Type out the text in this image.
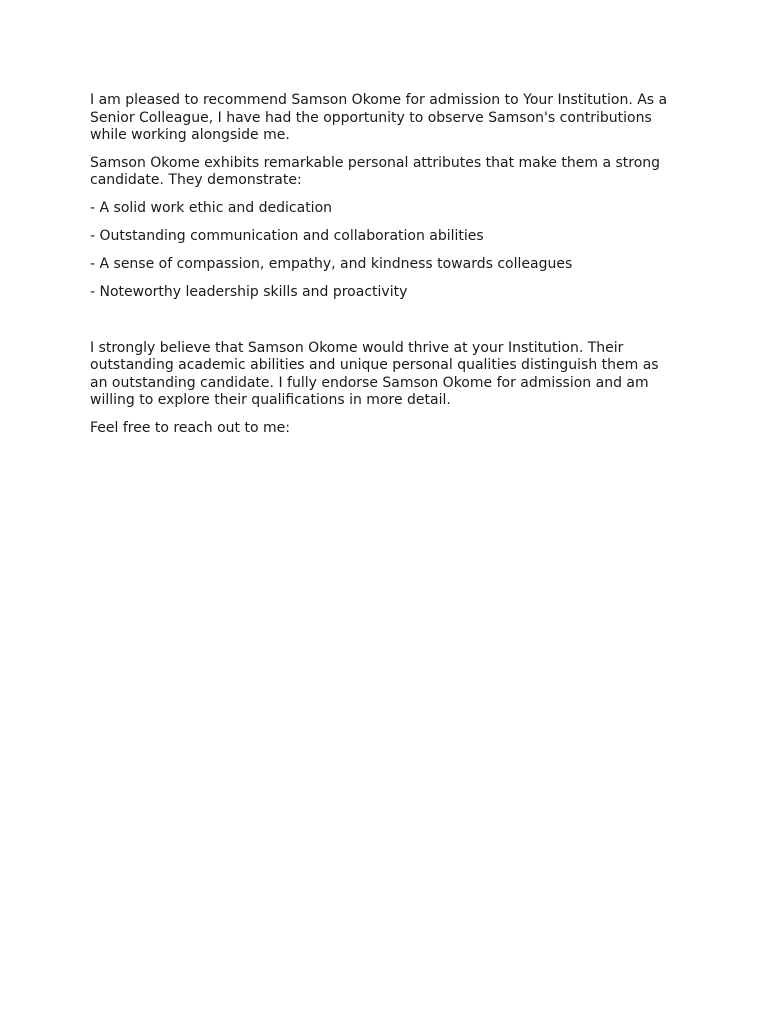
I am pleased to recommend Samson Okome for admission to Your Institution. As a Senior Colleague, I have had the opportunity to observe Samson's contributions while working alongside me.

Samson Okome exhibits remarkable personal attributes that make them a strong candidate. They demonstrate:

- A solid work ethic and dedication

- Outstanding communication and collaboration abilities

- A sense of compassion, empathy, and kindness towards colleagues

- Noteworthy leadership skills and proactivity

I strongly believe that Samson Okome would thrive at your Institution. Their outstanding academic abilities and unique personal qualities distinguish them as an outstanding candidate. I fully endorse Samson Okome for admission and am willing to explore their qualifications in more detail.

Feel free to reach out to me:
